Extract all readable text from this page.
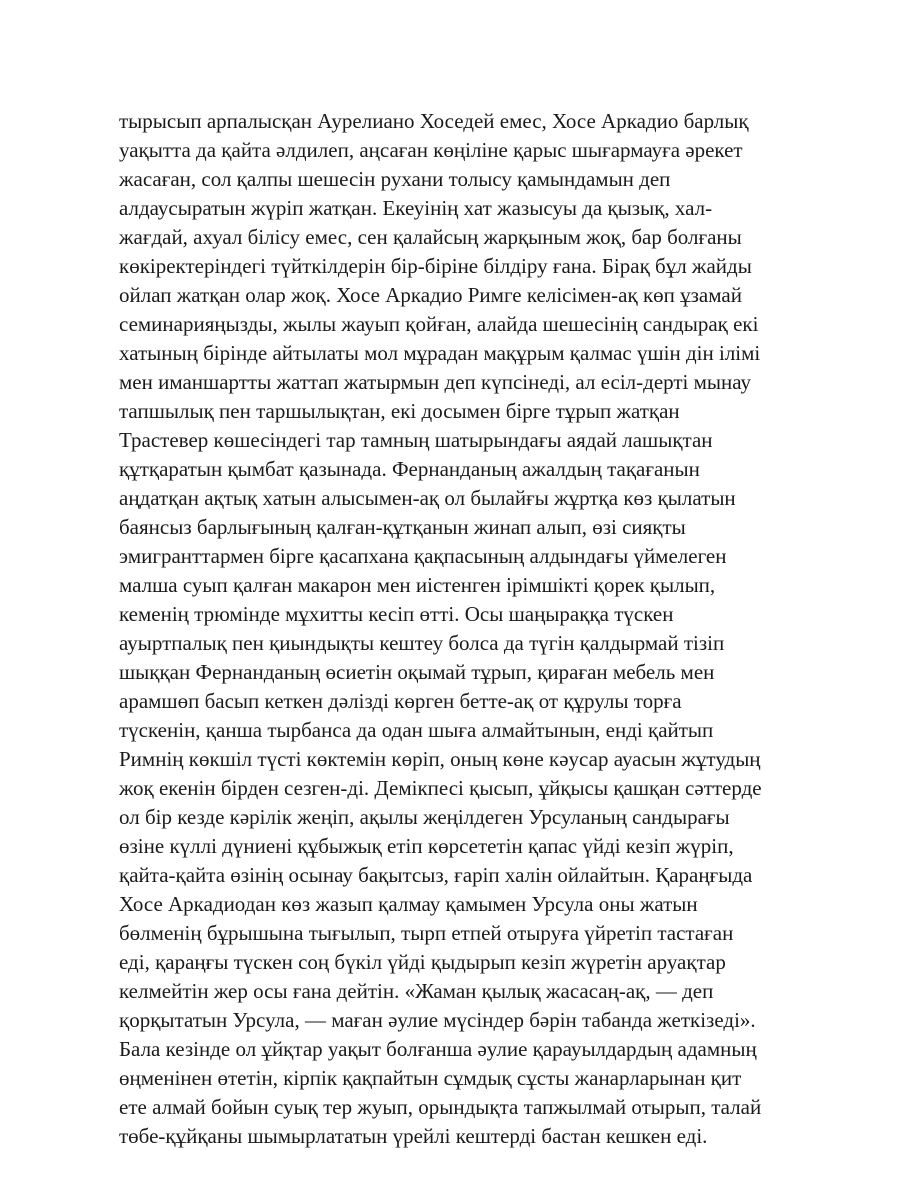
тырысып арпалысқан Аурелиано Хоседей емес, Хосе Аркадио барлық
уақытта да қайта әлдилеп, аңсаған көңіліне қарыс шығармауға әрекет
жасаған, сол қалпы шешесін рухани толысу қамындамын деп
алдаусыратын жүріп жатқан. Екеуінің хат жазысуы да қызық, хал-
жағдай, ахуал білісу емес, сен қалайсың жарқыным жоқ, бар болғаны
көкіректеріндегі түйткілдерін бір-біріне білдіру ғана. Бірақ бұл жайды
ойлап жатқан олар жоқ. Хосе Аркадио Римге келісімен-ақ көп ұзамай
семинарияңызды, жылы жауып қойған, алайда шешесінің сандырақ екі
хатының бірінде айтылаты мол мұрадан мақұрым қалмас үшін дін ілімі
мен иманшартты жаттап жатырмын деп күпсінеді, ал есіл-дерті мынау
тапшылық пен таршылықтан, екі досымен бірге тұрып жатқан
Трастевер көшесіндегі тар тамның шатырындағы аядай лашықтан
құтқаратын қымбат қазынада. Фернанданың ажалдың тақағанын
аңдатқан ақтық хатын алысымен-ақ ол былайғы жұртқа көз қылатын
баянсыз барлығының қалған-құтқанын жинап алып, өзі сияқты
эмигранттармен бірге қасапхана қақпасының алдындағы үймелеген
малша суып қалған макарон мен иістенген ірімшікті қорек қылып,
кеменің трюмінде мұхитты кесіп өтті. Осы шаңыраққа түскен
ауыртпалық пен қиындықты кештеу болса да түгін қалдырмай тізіп
шыққан Фернанданың өсиетін оқымай тұрып, қираған мебель мен
арамшөп басып кеткен дәлізді көрген бетте-ақ от құрулы торға
түскенін, қанша тырбанса да одан шыға алмайтынын, енді қайтып
Римнің көкшіл түсті көктемін көріп, оның көне кәусар ауасын жұтудың
жоқ екенін бірден сезген-ді. Демікпесі қысып, ұйқысы қашқан сәттерде
ол бір кезде кәрілік жеңіп, ақылы жеңілдеген Урсуланың сандырағы
өзіне күллі дүниені құбыжық етіп көрсететін қапас үйді кезіп жүріп,
қайта-қайта өзінің осынау бақытсыз, ғаріп халін ойлайтын. Қараңғыда
Хосе Аркадиодан көз жазып қалмау қамымен Урсула оны жатын
бөлменің бұрышына тығылып, тырп етпей отыруға үйретіп тастаған
еді, қараңғы түскен соң бүкіл үйді қыдырып кезіп жүретін аруақтар
келмейтін жер осы ғана дейтін. «Жаман қылық жасасаң-ақ, — деп
қорқытатын Урсула, — маған әулие мүсіндер бәрін табанда жеткізеді».
Бала кезінде ол ұйқтар уақыт болғанша әулие қарауылдардың адамның
өңменінен өтетін, кірпік қақпайтын сұмдық сұсты жанарларынан қит
ете алмай бойын суық тер жуып, орындықта тапжылмай отырып, талай
төбе-құйқаны шымырлататын үрейлі кештерді бастан кешкен еді.
